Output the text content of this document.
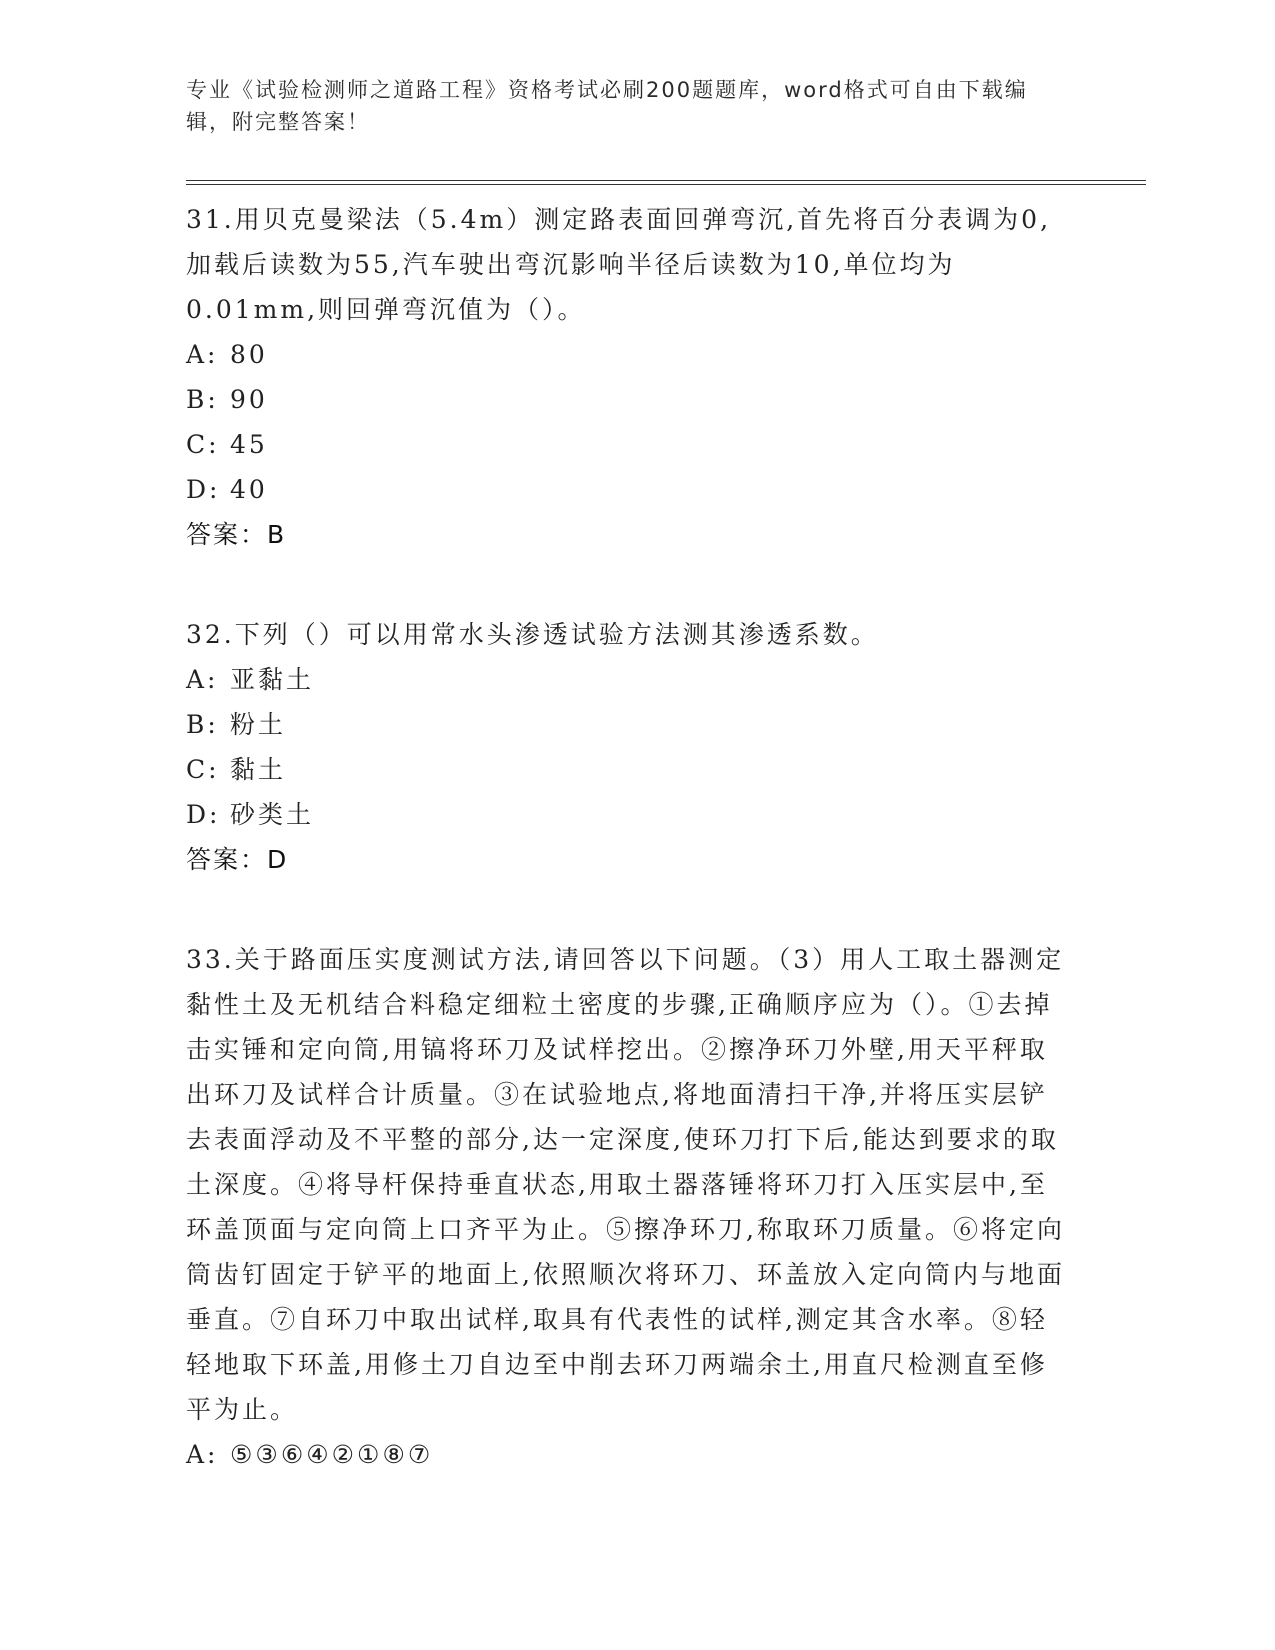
专业《试验检测师之道路工程》资格考试必刷200题题库，word格式可自由下载编辑，附完整答案！

31.用贝克曼梁法（5.4m）测定路表面回弹弯沉,首先将百分表调为0,加载后读数为55,汽车驶出弯沉影响半径后读数为10,单位均为0.01mm,则回弹弯沉值为（）。

A: 80

B: 90

C: 45

D: 40

答案：B

32.下列（）可以用常水头渗透试验方法测其渗透系数。

A: 亚黏土

B: 粉土

C: 黏土

D: 砂类土

答案：D

33.关于路面压实度测试方法,请回答以下问题。（3）用人工取土器测定黏性土及无机结合料稳定细粒土密度的步骤,正确顺序应为（）。①去掉击实锤和定向筒,用镐将环刀及试样挖出。②擦净环刀外壁,用天平秤取出环刀及试样合计质量。③在试验地点,将地面清扫干净,并将压实层铲去表面浮动及不平整的部分,达一定深度,使环刀打下后,能达到要求的取土深度。④将导杆保持垂直状态,用取土器落锤将环刀打入压实层中,至环盖顶面与定向筒上口齐平为止。⑤擦净环刀,称取环刀质量。⑥将定向筒齿钉固定于铲平的地面上,依照顺次将环刀、环盖放入定向筒内与地面垂直。⑦自环刀中取出试样,取具有代表性的试样,测定其含水率。⑧轻轻地取下环盖,用修土刀自边至中削去环刀两端余土,用直尺检测直至修平为止。

A: ⑤③⑥④②①⑧⑦
